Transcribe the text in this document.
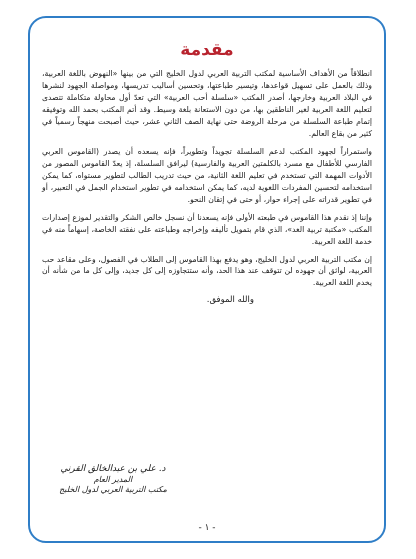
مقدمة

انطلاقاً من الأهداف الأساسية لمكتب التربية العربي لدول الخليج التي من بينها «النهوض باللغة العربية، وذلك بالعمل على تسهيل قواعدها، وتيسير طباعتها، وتحسين أساليب تدريسها، ومواصلة الجهود لنشرها في البلاد العربية وخارجها، أصدر المكتب «سلسلة أحب العربية» التي تعدّ أول محاولة متكاملة تتصدى لتعليم اللغة العربية لغير الناطقين بها، من دون الاستعانة بلغة وسيط. وقد أتم المكتب بحمد الله وتوفيقه إتمام طباعة السلسلة من مرحلة الروضة حتى نهاية الصف الثاني عشر، حيث أصبحت منهجاً رسمياً في كثير من بقاع العالم.

واستمراراً لجهود المكتب لدعم السلسلة تجويداً وتطويراً، فإنه يسعده أن يصدر (القاموس العربي الفارسي للأطفال مع مسرد بالكلمتين العربية والفارسية) ليرافق السلسلة، إذ يعدّ القاموس المصور من الأدوات المهمة التي تستخدم في تعليم اللغة الثانية، من حيث تدريب الطالب لتطوير مستواه، كما يمكن استخدامه لتحسين المفردات اللغوية لديه، كما يمكن استخدامه في تطوير استخدام الجمل في التعبير، أو في تطوير قدراته على إجراء حوار، أو حتى في إتقان النحو.

وإننا إذ نقدم هذا القاموس في طبعته الأولى فإنه يسعدنا أن نسجل خالص الشكر والتقدير لموزع إصدارات المكتب «مكتبة تربية الغد»، الذي قام بتمويل تأليفه وإخراجه وطباعته على نفقته الخاصة، إسهاماً منه في خدمة اللغة العربية.

إن مكتب التربية العربي لدول الخليج، وهو يدفع بهذا القاموس إلى الطلاب في الفصول، وعلى مقاعد حب العربية، لواثق أن جهوده لن تتوقف عند هذا الحد، وأنه ستتجاوزه إلى كل جديد، وإلى كل ما من شأنه أن يخدم اللغة العربية.

والله الموفق.

د. علي بن عبدالخالق القرني
المدير العام
مكتب التربية العربي لدول الخليج
- ١ -
